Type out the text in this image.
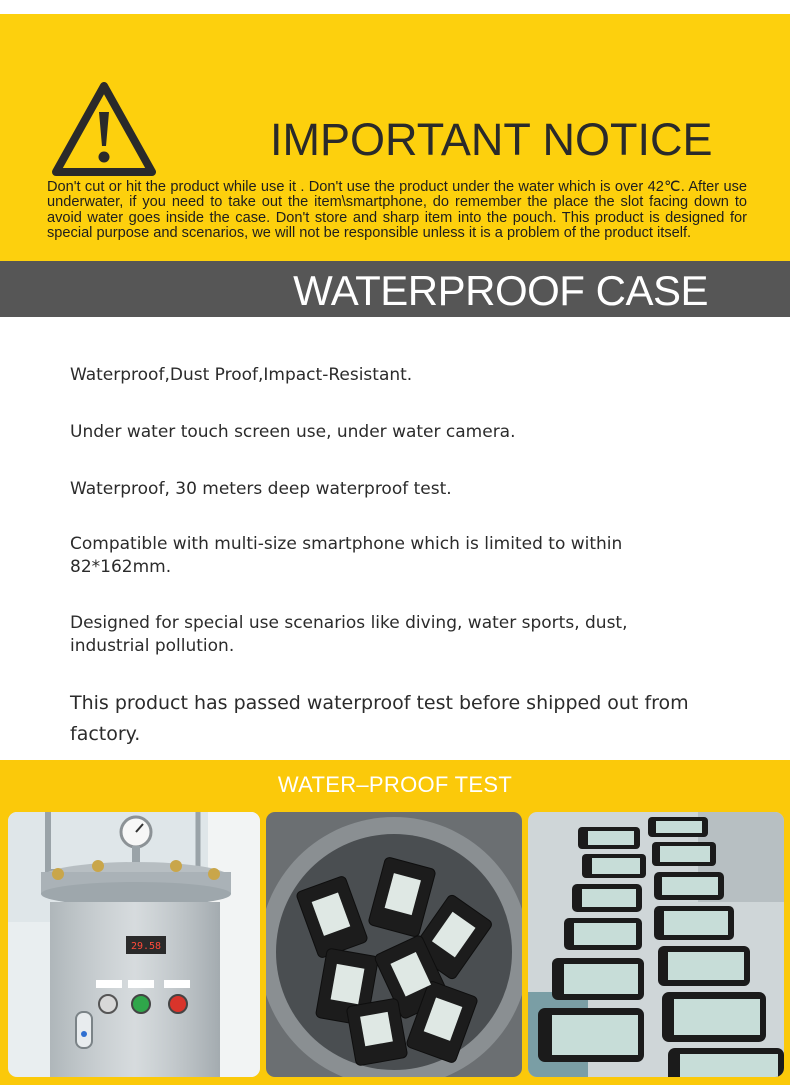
IMPORTANT NOTICE
Don't cut or hit the product while use it . Don't use the product under the water which is over 42℃. After use underwater, if you need to take out the item\smartphone, do remember the place the slot facing down to avoid water goes inside the case. Don't store and sharp item into the pouch. This product is designed for special purpose and scenarios, we will not be responsible unless it is a problem of the product itself.
WATERPROOF CASE
Waterproof,Dust Proof,Impact-Resistant.
Under water touch screen use, under water camera.
Waterproof, 30 meters deep waterproof test.
Compatible with multi-size smartphone which is limited to within 82*162mm.
Designed for special use scenarios like diving, water sports, dust, industrial pollution.
This product has passed waterproof test before shipped out from factory.
WATER–PROOF TEST
29.58
